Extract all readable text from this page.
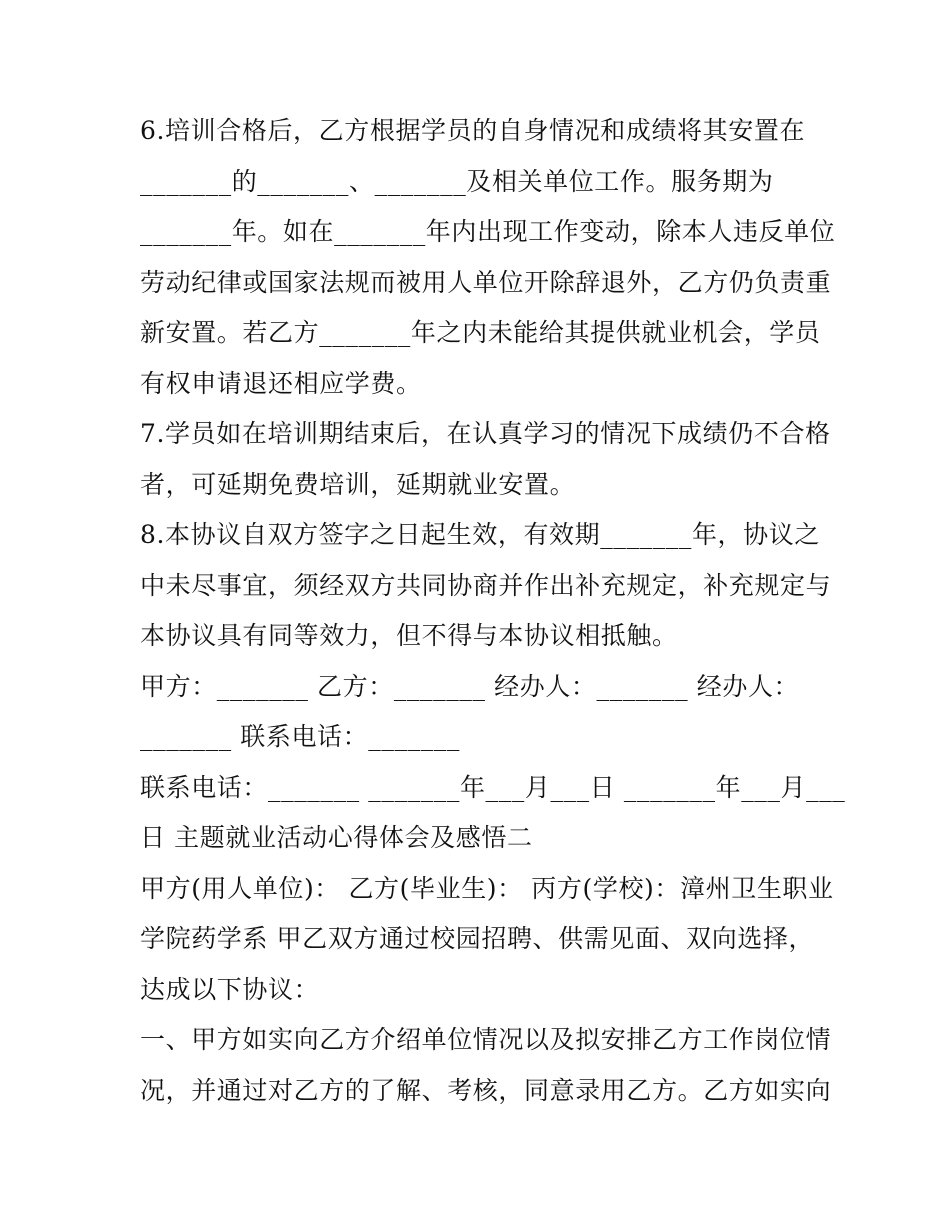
6.培训合格后，乙方根据学员的自身情况和成绩将其安置在

_______的_______、_______及相关单位工作。服务期为

_______年。如在_______年内出现工作变动，除本人违反单位

劳动纪律或国家法规而被用人单位开除辞退外，乙方仍负责重

新安置。若乙方_______年之内未能给其提供就业机会，学员

有权申请退还相应学费。

7.学员如在培训期结束后，在认真学习的情况下成绩仍不合格

者，可延期免费培训，延期就业安置。

8.本协议自双方签字之日起生效，有效期_______年，协议之

中未尽事宜，须经双方共同协商并作出补充规定，补充规定与

本协议具有同等效力，但不得与本协议相抵触。

甲方：_______ 乙方：_______ 经办人：_______ 经办人：

_______ 联系电话：_______

联系电话：_______ _______年___月___日 _______年___月___

日 主题就业活动心得体会及感悟二

甲方(用人单位)： 乙方(毕业生)： 丙方(学校)：漳州卫生职业

学院药学系 甲乙双方通过校园招聘、供需见面、双向选择，

达成以下协议：

一、甲方如实向乙方介绍单位情况以及拟安排乙方工作岗位情

况，并通过对乙方的了解、考核，同意录用乙方。乙方如实向
